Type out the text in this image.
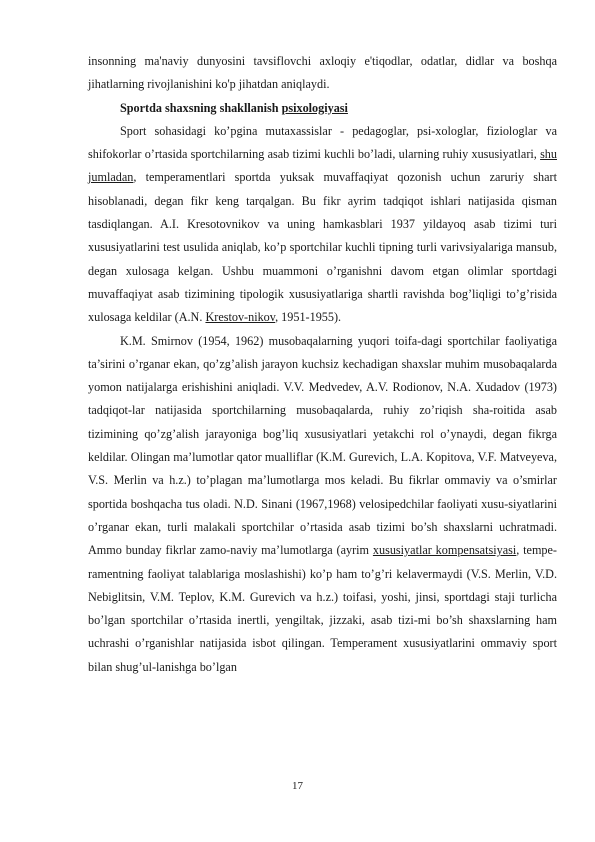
insonning ma'naviy dunyosini tavsiflovchi axloqiy e'tiqodlar, odatlar, didlar va boshqa jihatlarning rivojlanishini ko'p jihatdan aniqlaydi.

Sportda shaxsning shakllanish psixologiyasi

Sport sohasidagi ko’pgina mutaxassislar - pedagoglar, psi-xologlar, fiziologlar va shifokorlar o’rtasida sportchilarning asab tizimi kuchli bo’ladi, ularning ruhiy xususiyatlari, shu jumladan, temperamentlari sportda yuksak muvaffaqiyat qozonish uchun zaruriy shart hisoblanadi, degan fikr keng tarqalgan. Bu fikr ayrim tadqiqot ishlari natijasida qisman tasdiqlangan. A.I. Kresotovnikov va uning hamkasblari 1937 yildayoq asab tizimi turi xususiyatlarini test usulida aniqlab, ko’p sportchilar kuchli tipning turli varivsiyalariga mansub, degan xulosaga kelgan. Ushbu muammoni o’rganishni davom etgan olimlar sportdagi muvaffaqiyat asab tizimining tipologik xususiyatlariga shartli ravishda bog’liqligi to’g’risida xulosaga keldilar (A.N. Krestov-nikov, 1951-1955).

K.M. Smirnov (1954, 1962) musobaqalarning yuqori toifa-dagi sportchilar faoliyatiga ta’sirini o’rganar ekan, qo’zg’alish jarayon kuchsiz kechadigan shaxslar muhim musobaqalarda yomon natijalarga erishishini aniqladi. V.V. Medvedev, A.V. Rodionov, N.A. Xudadov (1973) tadqiqot-lar natijasida sportchilarning musobaqalarda, ruhiy zo’riqish sha-roitida asab tizimining qo’zg’alish jarayoniga bog’liq xususiyatlari yetakchi rol o’ynaydi, degan fikrga keldilar. Olingan ma’lumotlar qator mualliflar (K.M. Gurevich, L.A. Kopitova, V.F. Matveyeva, V.S. Merlin va h.z.) to’plagan ma’lumotlarga mos keladi. Bu fikrlar ommaviy va o’smirlar sportida boshqacha tus oladi. N.D. Sinani (1967,1968) velosipedchilar faoliyati xusu-siyatlarini o’rganar ekan, turli malakali sportchilar o’rtasida asab tizimi bo’sh shaxslarni uchratmadi. Ammo bunday fikrlar zamo-naviy ma’lumotlarga (ayrim xususiyatlar kompensatsiyasi, tempe-ramentning faoliyat talablariga moslashishi) ko’p ham to’g’ri kelavermaydi (V.S. Merlin, V.D. Nebiglitsin, V.M. Teplov, K.M. Gurevich va h.z.) toifasi, yoshi, jinsi, sportdagi staji turlicha bo’lgan sportchilar o’rtasida inertli, yengiltak, jizzaki, asab tizi-mi bo’sh shaxslarning ham uchrashi o’rganishlar natijasida isbot qilingan. Temperament xususiyatlarini ommaviy sport bilan shug’ul-lanishga bo’lgan

17
